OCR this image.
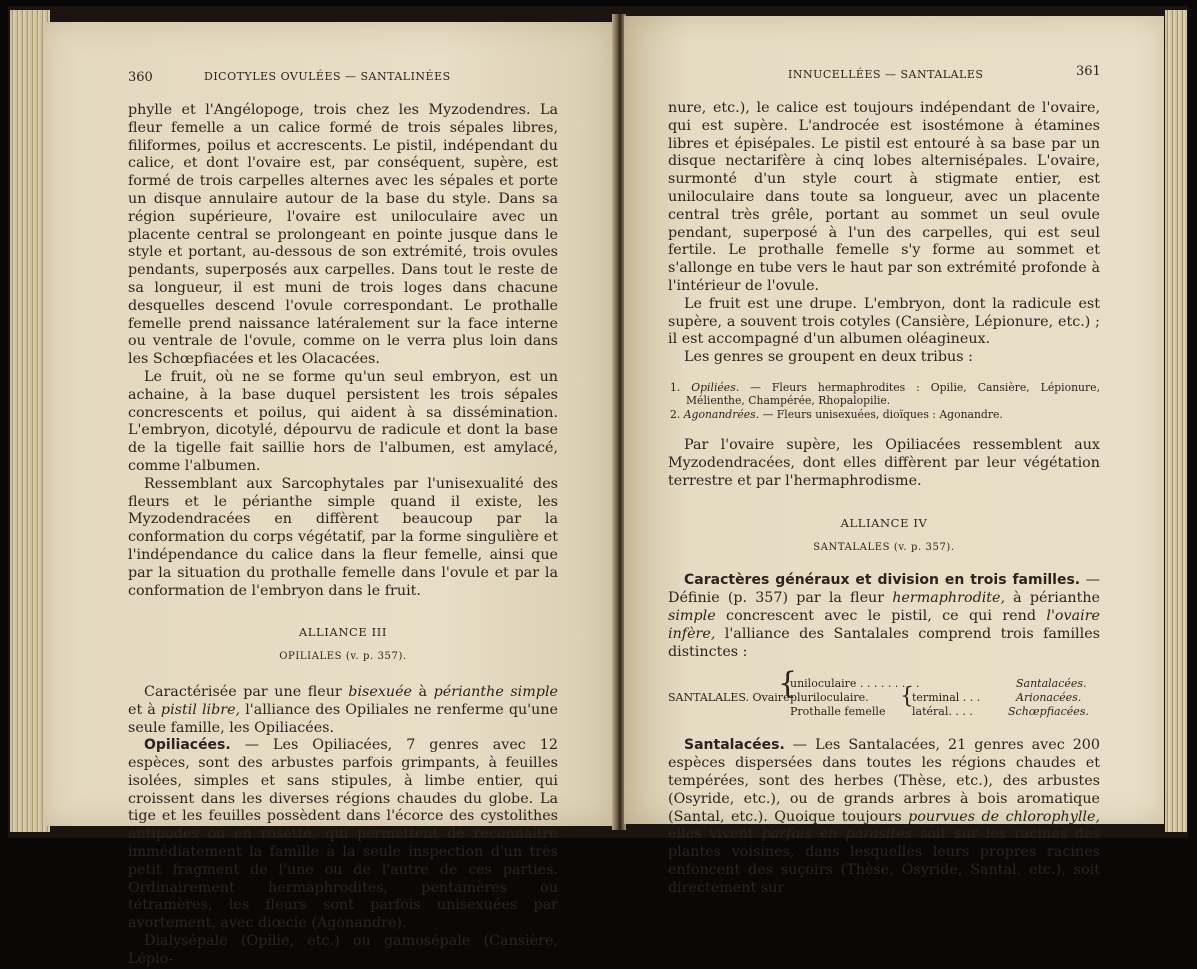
360	DICOTYLES OVULÉES — SANTALINÉES

phylle et l'Angélopoge, trois chez les Myzodendres. La fleur femelle a un calice formé de trois sépales libres, filiformes, poilus et accrescents. Le pistil, indépendant du calice, et dont l'ovaire est, par conséquent, supère, est formé de trois carpelles alternes avec les sépales et porte un disque annulaire autour de la base du style. Dans sa région supérieure, l'ovaire est uniloculaire avec un placente central se prolongeant en pointe jusque dans le style et portant, au-dessous de son extrémité, trois ovules pendants, superposés aux carpelles. Dans tout le reste de sa longueur, il est muni de trois loges dans chacune desquelles descend l'ovule correspondant. Le prothalle femelle prend naissance latéralement sur la face interne ou ventrale de l'ovule, comme on le verra plus loin dans les Schœpfiacées et les Olacacées.

Le fruit, où ne se forme qu'un seul embryon, est un achaine, à la base duquel persistent les trois sépales concrescents et poilus, qui aident à sa dissémination. L'embryon, dicotylé, dépourvu de radicule et dont la base de la tigelle fait saillie hors de l'albumen, est amylacé, comme l'albumen.

Ressemblant aux Sarcophytales par l'unisexualité des fleurs et le périanthe simple quand il existe, les Myzodendracées en diffèrent beaucoup par la conformation du corps végétatif, par la forme singulière et l'indépendance du calice dans la fleur femelle, ainsi que par la situation du prothalle femelle dans l'ovule et par la conformation de l'embryon dans le fruit.

ALLIANCE III

OPILIALES (v. p. 357).

Caractérisée par une fleur bisexuée à périanthe simple et à pistil libre, l'alliance des Opiliales ne renferme qu'une seule famille, les Opiliacées.

Opiliacées. — Les Opiliacées, 7 genres avec 12 espèces, sont des arbustes parfois grimpants, à feuilles isolées, simples et sans stipules, à limbe entier, qui croissent dans les diverses régions chaudes du globe. La tige et les feuilles possèdent dans l'écorce des cystolithes antipodes ou en rosette, qui permettent de reconnaître immédiatement la famille à la seule inspection d'un très petit fragment de l'une ou de l'autre de ces parties. Ordinairement hermaphrodites, pentamères ou tétramères, les fleurs sont parfois unisexuées par avortement, avec diœcie (Agonandre).

Dialysépale (Opilie, etc.) ou gamosépale (Cansière, Lépio-

INNUCELLÉES — SANTALALES	361

nure, etc.), le calice est toujours indépendant de l'ovaire, qui est supère. L'androcée est isostémone à étamines libres et épisépales. Le pistil est entouré à sa base par un disque nectarifère à cinq lobes alternisépales. L'ovaire, surmonté d'un style court à stigmate entier, est uniloculaire dans toute sa longueur, avec un placente central très grêle, portant au sommet un seul ovule pendant, superposé à l'un des carpelles, qui est seul fertile. Le prothalle femelle s'y forme au sommet et s'allonge en tube vers le haut par son extrémité profonde à l'intérieur de l'ovule.

Le fruit est une drupe. L'embryon, dont la radicule est supère, a souvent trois cotyles (Cansière, Lépionure, etc.) ; il est accompagné d'un albumen oléagineux.

Les genres se groupent en deux tribus :

1. Opiliées. — Fleurs hermaphrodites : Opilie, Cansière, Lépionure, Mélienthe, Champérée, Rhopalopilie.

2. Agonandrées. — Fleurs unisexuées, dioïques : Agonandre.

Par l'ovaire supère, les Opiliacées ressemblent aux Myzodendracées, dont elles diffèrent par leur végétation terrestre et par l'hermaphrodisme.

ALLIANCE IV

SANTALALES (v. p. 357).

Caractères généraux et division en trois familles. — Définie (p. 357) par la fleur hermaphrodite, à périanthe simple concrescent avec le pistil, ce qui rend l'ovaire infère, l'alliance des Santalales comprend trois familles distinctes :

SANTALALES. Ovaire
{
uniloculaire . . . . . . . . .
pluriloculaire.
Prothalle femelle
{
terminal . . .
latéral. . . .
Santalacées.
Arionacées.
Schœpfiacées.

Santalacées. — Les Santalacées, 21 genres avec 200 espèces dispersées dans toutes les régions chaudes et tempérées, sont des herbes (Thèse, etc.), des arbustes (Osyride, etc.), ou de grands arbres à bois aromatique (Santal, etc.). Quoique toujours pourvues de chlorophylle, elles vivent parfois en parasites soit sur les racines des plantes voisines, dans lesquelles leurs propres racines enfoncent des suçoirs (Thèse, Osyride, Santal, etc.), soit directement sur
